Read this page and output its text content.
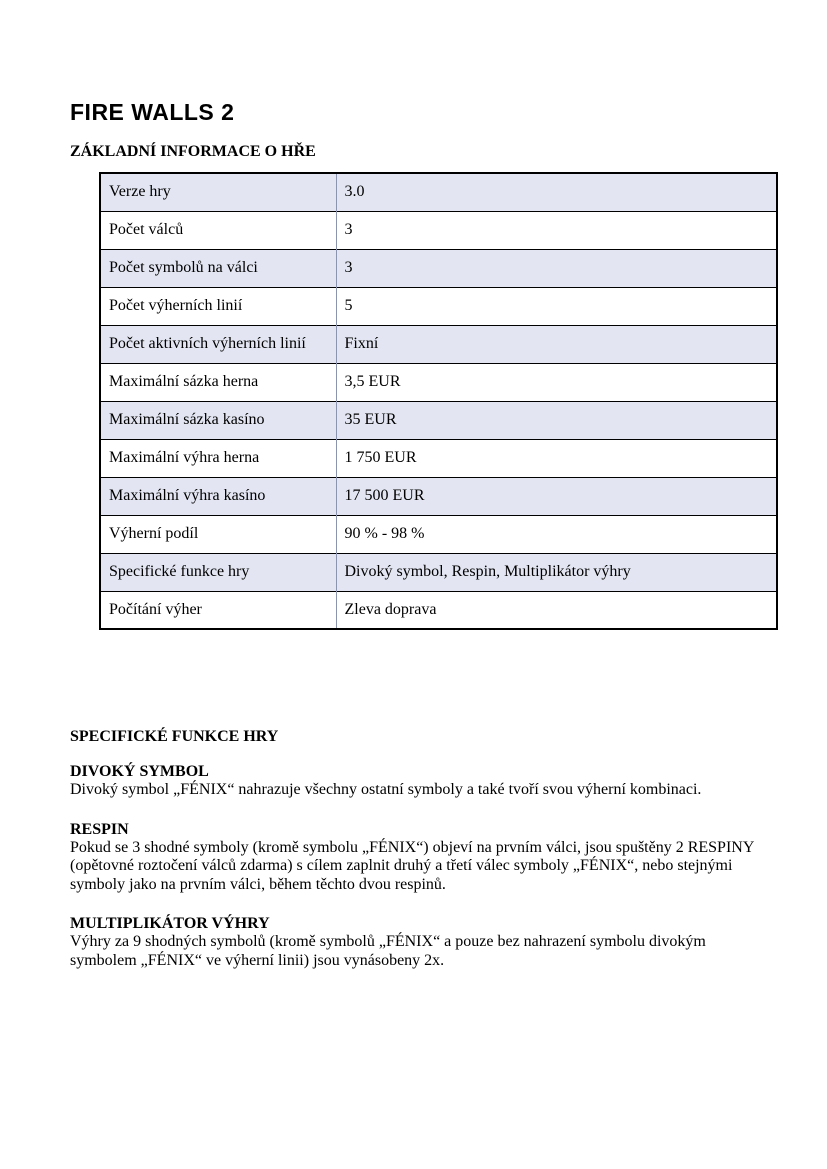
FIRE WALLS 2
ZÁKLADNÍ INFORMACE O HŘE
Verze hry	3.0
Počet válců	3
Počet symbolů na válci	3
Počet výherních linií	5
Počet aktivních výherních linií	Fixní
Maximální sázka herna	3,5 EUR
Maximální sázka kasíno	35 EUR
Maximální výhra herna	1 750 EUR
Maximální výhra kasíno	17 500 EUR
Výherní podíl	90 % - 98 %
Specifické funkce hry	Divoký symbol, Respin, Multiplikátor výhry
Počítání výher	Zleva doprava
SPECIFICKÉ FUNKCE HRY
DIVOKÝ SYMBOL

Divoký symbol „FÉNIX“ nahrazuje všechny ostatní symboly a také tvoří svou výherní kombinaci.

RESPIN

Pokud se 3 shodné symboly (kromě symbolu „FÉNIX“) objeví na prvním válci, jsou spuštěny 2 RESPINY (opětovné roztočení válců zdarma) s cílem zaplnit druhý a třetí válec symboly „FÉNIX“, nebo stejnými symboly jako na prvním válci, během těchto dvou respinů.

MULTIPLIKÁTOR VÝHRY

Výhry za 9 shodných symbolů (kromě symbolů „FÉNIX“ a pouze bez nahrazení symbolu divokým symbolem „FÉNIX“ ve výherní linii) jsou vynásobeny 2x.
